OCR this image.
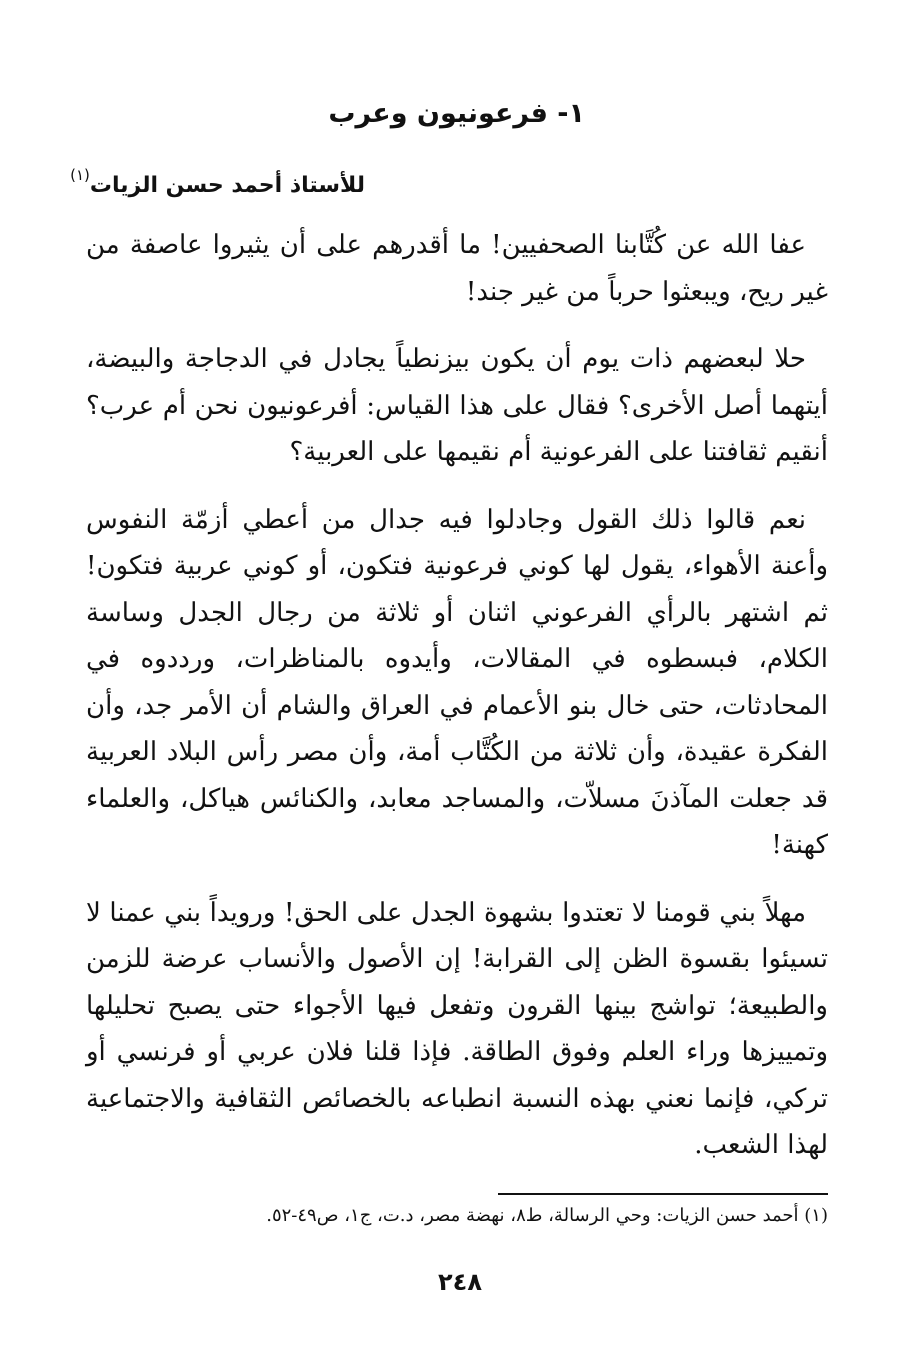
١- فرعونيون وعرب
للأستاذ أحمد حسن الزيات$^{(١)}$

عفا الله عن كُتَّابنا الصحفيين! ما أقدرهم على أن يثيروا عاصفة من غير ريح، ويبعثوا حرباً من غير جند!

حلا لبعضهم ذات يوم أن يكون بيزنطياً يجادل في الدجاجة والبيضة، أيتهما أصل الأخرى؟ فقال على هذا القياس: أفرعونيون نحن أم عرب؟ أنقيم ثقافتنا على الفرعونية أم نقيمها على العربية؟

نعم قالوا ذلك القول وجادلوا فيه جدال من أعطي أزمّة النفوس وأعنة الأهواء، يقول لها كوني فرعونية فتكون، أو كوني عربية فتكون! ثم اشتهر بالرأي الفرعوني اثنان أو ثلاثة من رجال الجدل وساسة الكلام، فبسطوه في المقالات، وأيدوه بالمناظرات، ورددوه في المحادثات، حتى خال بنو الأعمام في العراق والشام أن الأمر جد، وأن الفكرة عقيدة، وأن ثلاثة من الكُتَّاب أمة، وأن مصر رأس البلاد العربية قد جعلت المآذنَ مسلاّت، والمساجد معابد، والكنائس هياكل، والعلماء كهنة!

مهلاً بني قومنا لا تعتدوا بشهوة الجدل على الحق! ورويداً بني عمنا لا تسيئوا بقسوة الظن إلى القرابة! إن الأصول والأنساب عرضة للزمن والطبيعة؛ تواشج بينها القرون وتفعل فيها الأجواء حتى يصبح تحليلها وتمييزها وراء العلم وفوق الطاقة. فإذا قلنا فلان عربي أو فرنسي أو تركي، فإنما نعني بهذه النسبة انطباعه بالخصائص الثقافية والاجتماعية لهذا الشعب.

(١) أحمد حسن الزيات: وحي الرسالة، ط٨، نهضة مصر، د.ت، ج١، ص٤٩-٥٢.
٢٤٨
